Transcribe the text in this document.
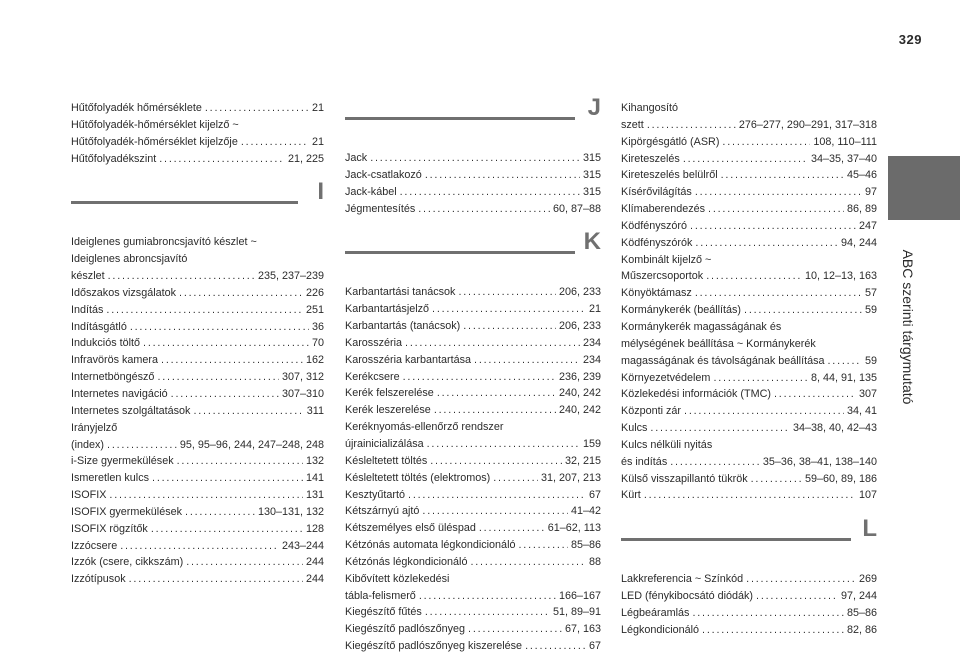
329
ABC szerinti tárgymutató
Hűtőfolyadék hőmérséklete . . .	21
Hűtőfolyadék-hőmérséklet kijelző ~
Hűtőfolyadék-hőmérséklet kijelzője . . .	21
Hűtőfolyadékszint . . .	21, 225
I
Ideiglenes gumiabroncsjavító készlet ~
Ideiglenes abroncsjavító
készlet . . .	235, 237–239
Időszakos vizsgálatok . . .	226
Indítás . . .	251
Indításgátló . . .	36
Indukciós töltő . . .	70
Infravörös kamera . . .	162
Internetböngésző . . .	307, 312
Internetes navigáció . . .	307–310
Internetes szolgáltatások . . .	311
Irányjelző
(index) . . .	95, 95–96, 244, 247–248, 248
i-Size gyermekülések . . .	132
Ismeretlen kulcs . . .	141
ISOFIX . . .	131
ISOFIX gyermekülések . . .	130–131, 132
ISOFIX rögzítők . . .	128
Izzócsere . . .	243–244
Izzók (csere, cikkszám) . . .	244
Izzótípusok . . .	244
J
Jack . . .	315
Jack-csatlakozó . . .	315
Jack-kábel . . .	315
Jégmentesítés . . .	60, 87–88
K
Karbantartási tanácsok . . .	206, 233
Karbantartásjelző . . .	21
Karbantartás (tanácsok) . . .	206, 233
Karosszéria . . .	234
Karosszéria karbantartása . . .	234
Kerékcsere . . .	236, 239
Kerék felszerelése . . .	240, 242
Kerék leszerelése . . .	240, 242
Keréknyomás-ellenőrző rendszer
újrainicializálása . . .	159
Késleltetett töltés . . .	32, 215
Késleltetett töltés (elektromos) . . .	31, 207, 213
Kesztyűtartó . . .	67
Kétszárnyú ajtó . . .	41–42
Kétszemélyes első üléspad . . .	61–62, 113
Kétzónás automata légkondicionáló . . .	85–86
Kétzónás légkondicionáló . . .	88
Kibővített közlekedési
tábla-felismerő . . .	166–167
Kiegészítő fűtés . . .	51, 89–91
Kiegészítő padlószőnyeg . . .	67, 163
Kiegészítő padlószőnyeg kiszerelése . . .	67
Kihangosító
szett . . .	276–277, 290–291, 317–318
Kipörgésgátló (ASR) . . .	108, 110–111
Kireteszelés . . .	34–35, 37–40
Kireteszelés belülről . . .	45–46
Kísérővilágítás . . .	97
Klímaberendezés . . .	86, 89
Ködfényszóró . . .	247
Ködfényszórók . . .	94, 244
Kombinált kijelző ~
Műszercsoportok . . .	10, 12–13, 163
Könyöktámasz . . .	57
Kormánykerék (beállítás) . . .	59
Kormánykerék magasságának és
mélységének beállítása ~ Kormánykerék
magasságának és távolságának beállítása . . .	59
Környezetvédelem . . .	8, 44, 91, 135
Közlekedési információk (TMC) . . .	307
Központi zár . . .	34, 41
Kulcs . . .	34–38, 40, 42–43
Kulcs nélküli nyitás
és indítás . . .	35–36, 38–41, 138–140
Külső visszapillantó tükrök . . .	59–60, 89, 186
Kürt . . .	107
L
Lakkreferencia ~ Színkód . . .	269
LED (fénykibocsátó diódák) . . .	97, 244
Légbeáramlás . . .	85–86
Légkondicionáló . . .	82, 86
